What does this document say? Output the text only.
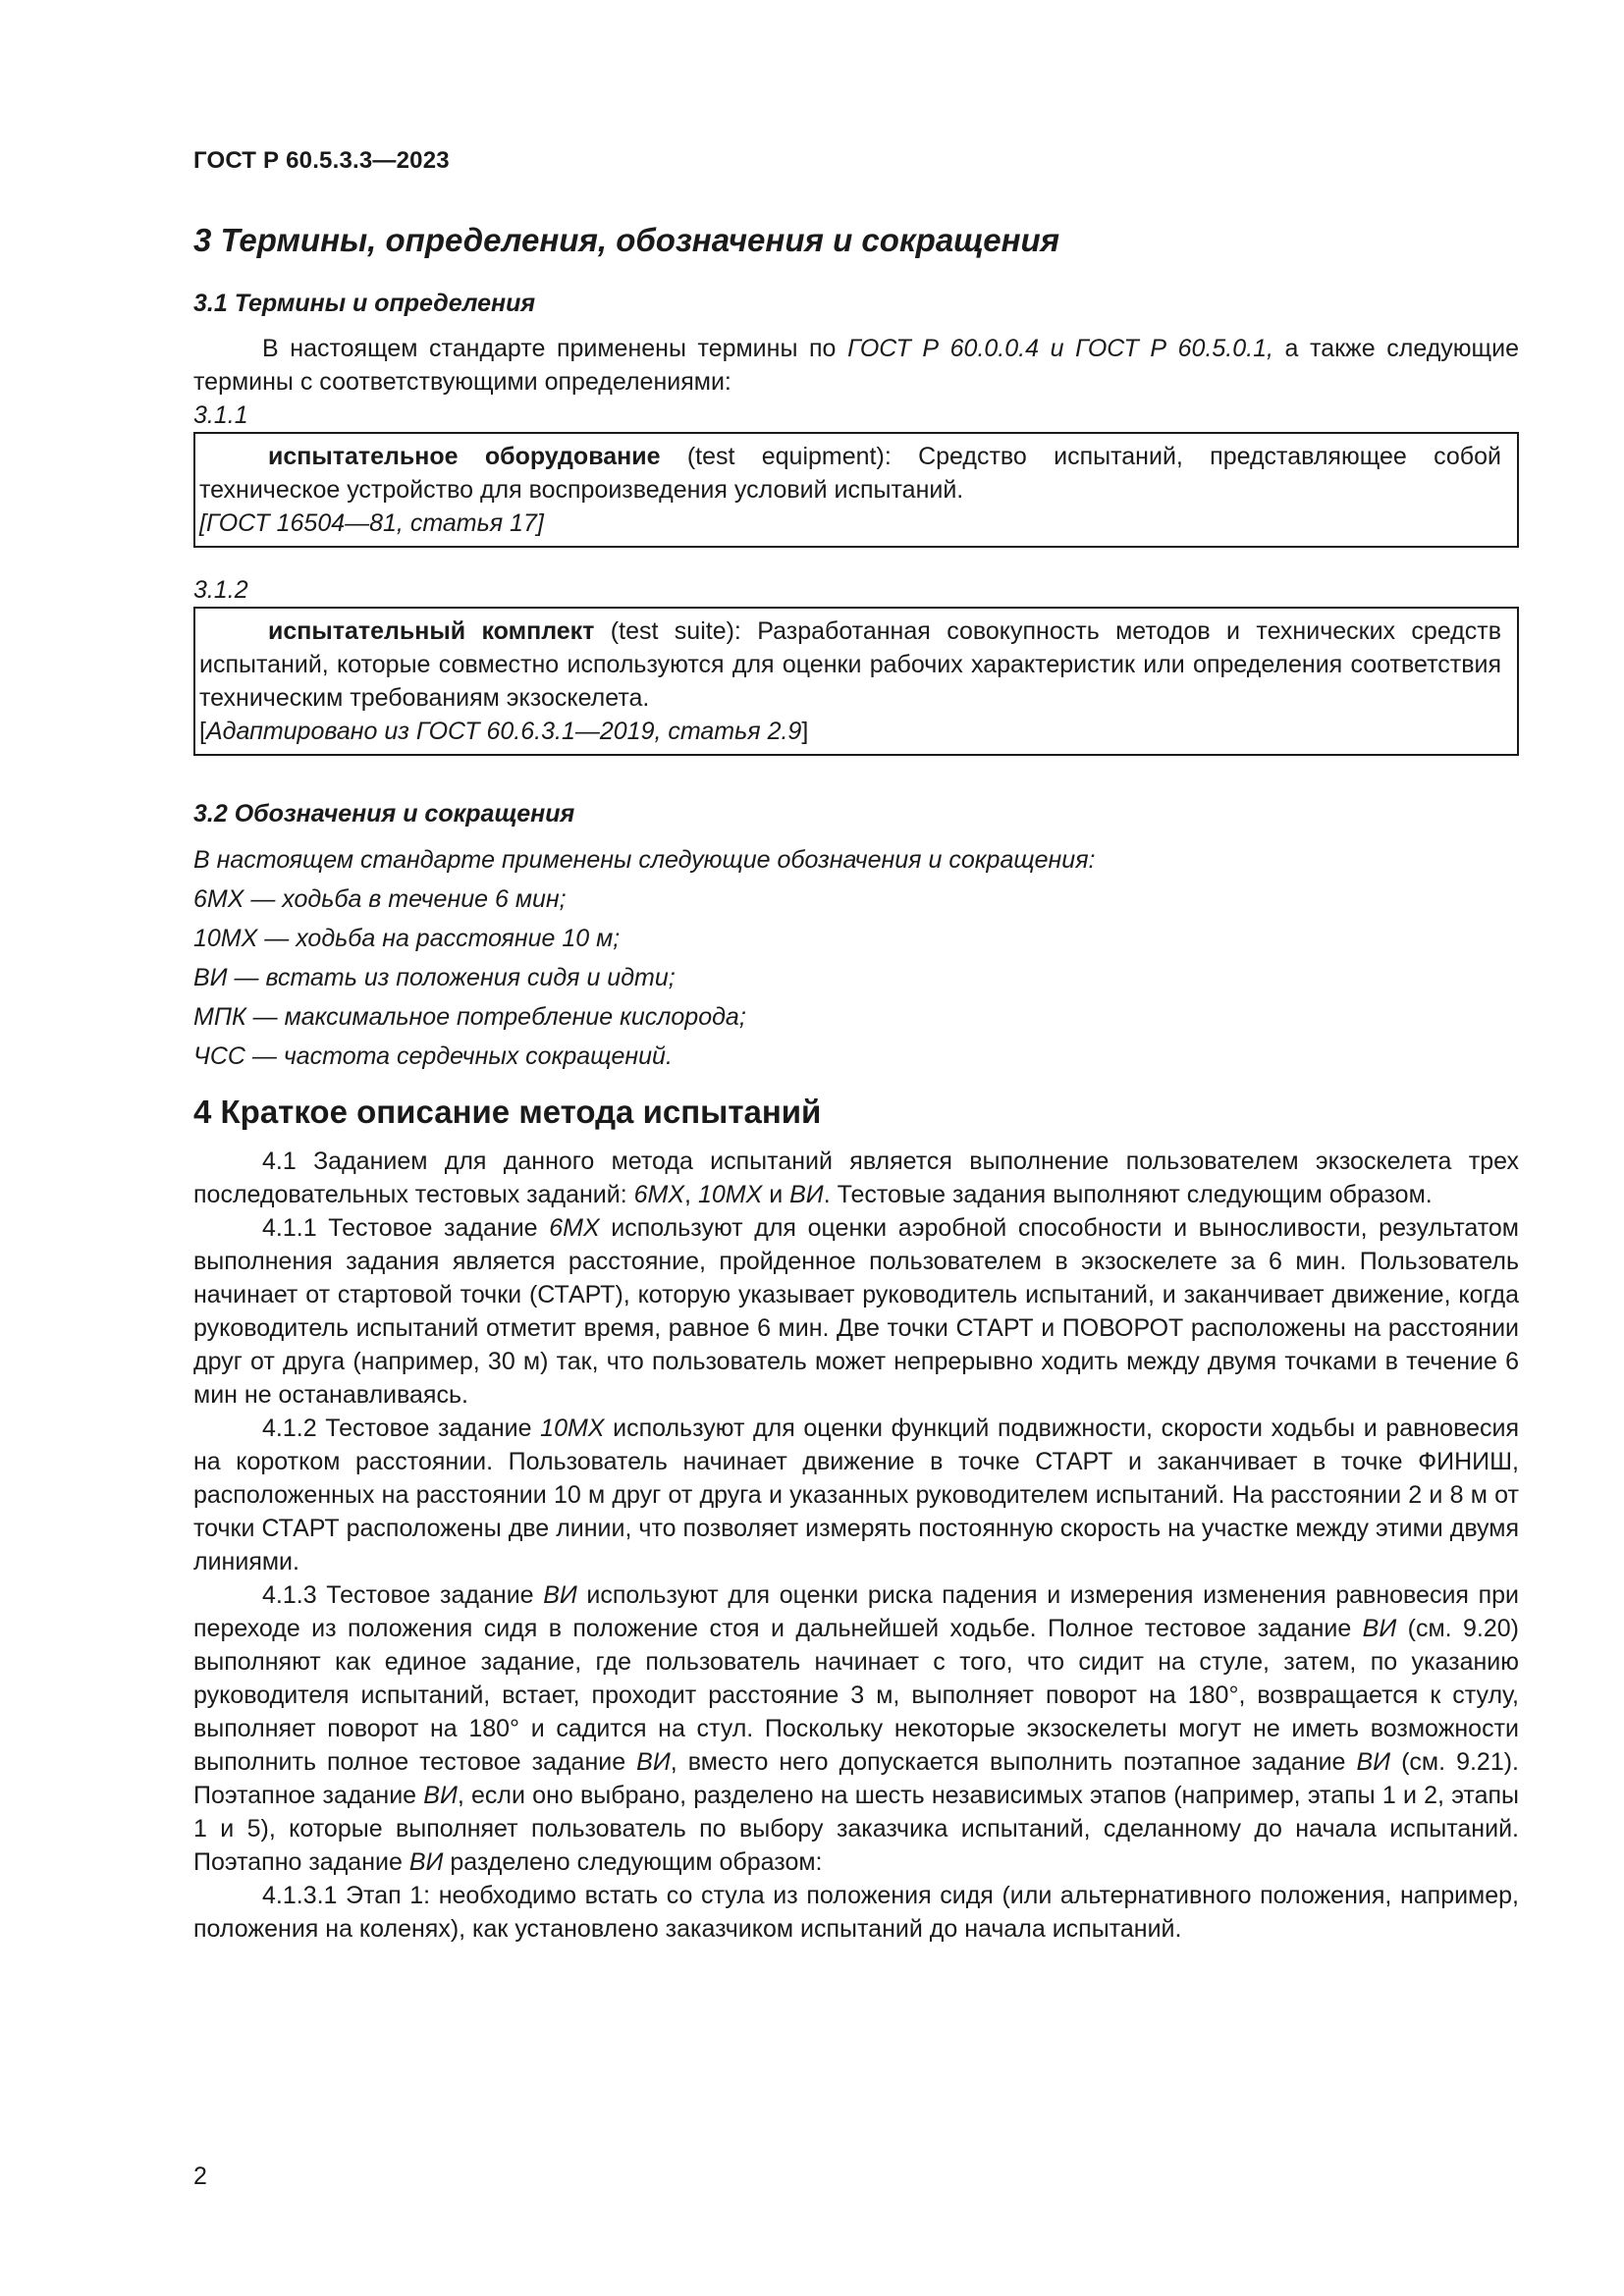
ГОСТ Р 60.5.3.3—2023

3 Термины, определения, обозначения и сокращения

3.1 Термины и определения

В настоящем стандарте применены термины по ГОСТ Р 60.0.0.4 и ГОСТ Р 60.5.0.1, а также следующие термины с соответствующими определениями:

3.1.1

испытательное оборудование (test equipment): Средство испытаний, представляющее собой техническое устройство для воспроизведения условий испытаний.

[ГОСТ 16504—81, статья 17]

3.1.2

испытательный комплект (test suite): Разработанная совокупность методов и технических средств испытаний, которые совместно используются для оценки рабочих характеристик или определения соответствия техническим требованиям экзоскелета.

[Адаптировано из ГОСТ 60.6.3.1—2019, статья 2.9]

3.2 Обозначения и сокращения

В настоящем стандарте применены следующие обозначения и сокращения:

6МХ — ходьба в течение 6 мин;

10МХ — ходьба на расстояние 10 м;

ВИ — встать из положения сидя и идти;

МПК — максимальное потребление кислорода;

ЧСС — частота сердечных сокращений.

4 Краткое описание метода испытаний

4.1 Заданием для данного метода испытаний является выполнение пользователем экзоскелета трех последовательных тестовых заданий: 6МХ, 10МХ и ВИ. Тестовые задания выполняют следующим образом.

4.1.1 Тестовое задание 6МХ используют для оценки аэробной способности и выносливости, результатом выполнения задания является расстояние, пройденное пользователем в экзоскелете за 6 мин. Пользователь начинает от стартовой точки (СТАРТ), которую указывает руководитель испытаний, и заканчивает движение, когда руководитель испытаний отметит время, равное 6 мин. Две точки СТАРТ и ПОВОРОТ расположены на расстоянии друг от друга (например, 30 м) так, что пользователь может непрерывно ходить между двумя точками в течение 6 мин не останавливаясь.

4.1.2 Тестовое задание 10МХ используют для оценки функций подвижности, скорости ходьбы и равновесия на коротком расстоянии. Пользователь начинает движение в точке СТАРТ и заканчивает в точке ФИНИШ, расположенных на расстоянии 10 м друг от друга и указанных руководителем испытаний. На расстоянии 2 и 8 м от точки СТАРТ расположены две линии, что позволяет измерять постоянную скорость на участке между этими двумя линиями.

4.1.3 Тестовое задание ВИ используют для оценки риска падения и измерения изменения равновесия при переходе из положения сидя в положение стоя и дальнейшей ходьбе. Полное тестовое задание ВИ (см. 9.20) выполняют как единое задание, где пользователь начинает с того, что сидит на стуле, затем, по указанию руководителя испытаний, встает, проходит расстояние 3 м, выполняет поворот на 180°, возвращается к стулу, выполняет поворот на 180° и садится на стул. Поскольку некоторые экзоскелеты могут не иметь возможности выполнить полное тестовое задание ВИ, вместо него допускается выполнить поэтапное задание ВИ (см. 9.21). Поэтапное задание ВИ, если оно выбрано, разделено на шесть независимых этапов (например, этапы 1 и 2, этапы 1 и 5), которые выполняет пользователь по выбору заказчика испытаний, сделанному до начала испытаний. Поэтапно задание ВИ разделено следующим образом:

4.1.3.1 Этап 1: необходимо встать со стула из положения сидя (или альтернативного положения, например, положения на коленях), как установлено заказчиком испытаний до начала испытаний.

2
